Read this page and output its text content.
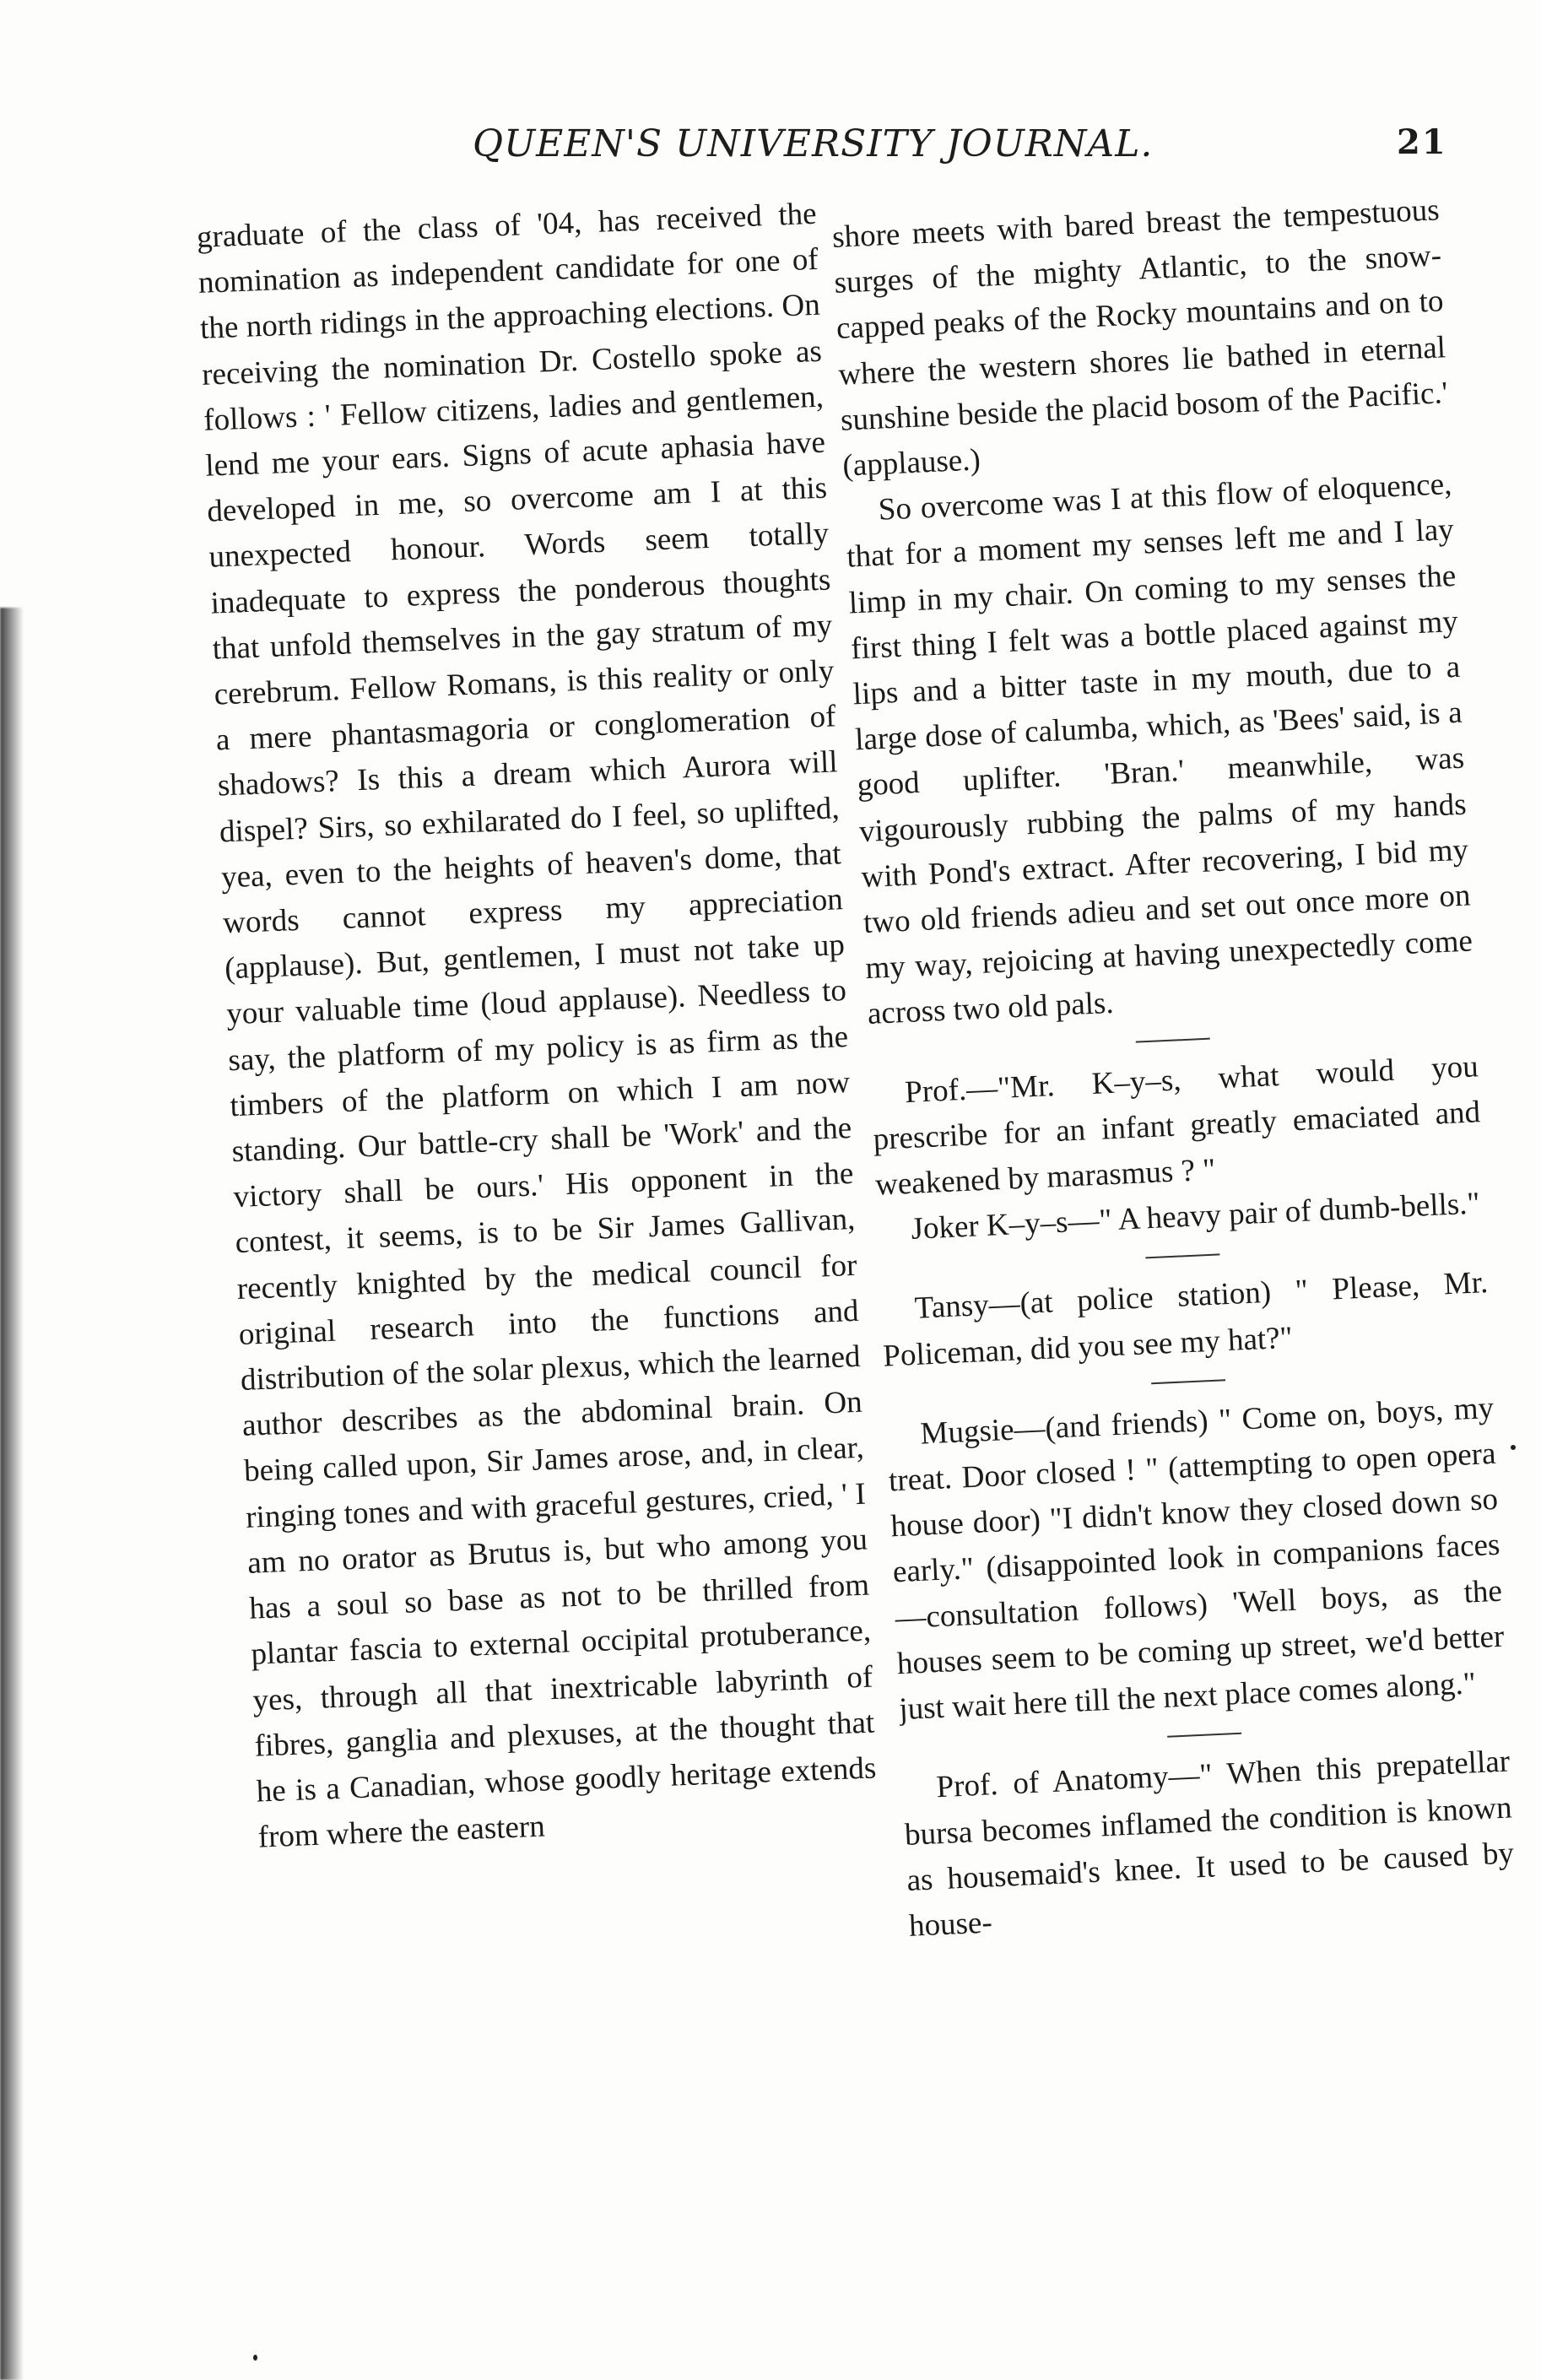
QUEEN'S UNIVERSITY JOURNAL.	21

graduate of the class of '04, has received the nomination as independent candidate for one of the north ridings in the approaching elections. On receiving the nomination Dr. Costello spoke as follows : ' Fellow citizens, ladies and gentlemen, lend me your ears. Signs of acute aphasia have developed in me, so overcome am I at this unexpected honour. Words seem totally inadequate to express the ponderous thoughts that unfold themselves in the gay stratum of my cerebrum. Fellow Romans, is this reality or only a mere phantasmagoria or conglomeration of shadows? Is this a dream which Aurora will dispel? Sirs, so exhilarated do I feel, so uplifted, yea, even to the heights of heaven's dome, that words cannot express my appreciation (applause). But, gentlemen, I must not take up your valuable time (loud applause). Needless to say, the platform of my policy is as firm as the timbers of the platform on which I am now standing. Our battle-cry shall be 'Work' and the victory shall be ours.' His opponent in the contest, it seems, is to be Sir James Gallivan, recently knighted by the medical council for original research into the functions and distribution of the solar plexus, which the learned author describes as the abdominal brain. On being called upon, Sir James arose, and, in clear, ringing tones and with graceful gestures, cried, ' I am no orator as Brutus is, but who among you has a soul so base as not to be thrilled from plantar fascia to external occipital protuberance, yes, through all that inextricable labyrinth of fibres, ganglia and plexuses, at the thought that he is a Canadian, whose goodly heritage extends from where the eastern

shore meets with bared breast the tempestuous surges of the mighty Atlantic, to the snow-capped peaks of the Rocky mountains and on to where the western shores lie bathed in eternal sunshine beside the placid bosom of the Pacific.' (applause.)

So overcome was I at this flow of eloquence, that for a moment my senses left me and I lay limp in my chair. On coming to my senses the first thing I felt was a bottle placed against my lips and a bitter taste in my mouth, due to a large dose of calumba, which, as 'Bees' said, is a good uplifter. 'Bran.' meanwhile, was vigourously rubbing the palms of my hands with Pond's extract. After recovering, I bid my two old friends adieu and set out once more on my way, rejoicing at having unexpectedly come across two old pals.

Prof.—"Mr. K–y–s, what would you prescribe for an infant greatly emaciated and weakened by marasmus ? "

Joker K–y–s—" A heavy pair of dumb-bells."

Tansy—(at police station) " Please, Mr. Policeman, did you see my hat?"

Mugsie—(and friends) " Come on, boys, my treat. Door closed ! " (attempting to open opera house door) "I didn't know they closed down so early." (disappointed look in companions faces—consultation follows) 'Well boys, as the houses seem to be coming up street, we'd better just wait here till the next place comes along."

Prof. of Anatomy—" When this prepatellar bursa becomes inflamed the condition is known as housemaid's knee. It used to be caused by house-
